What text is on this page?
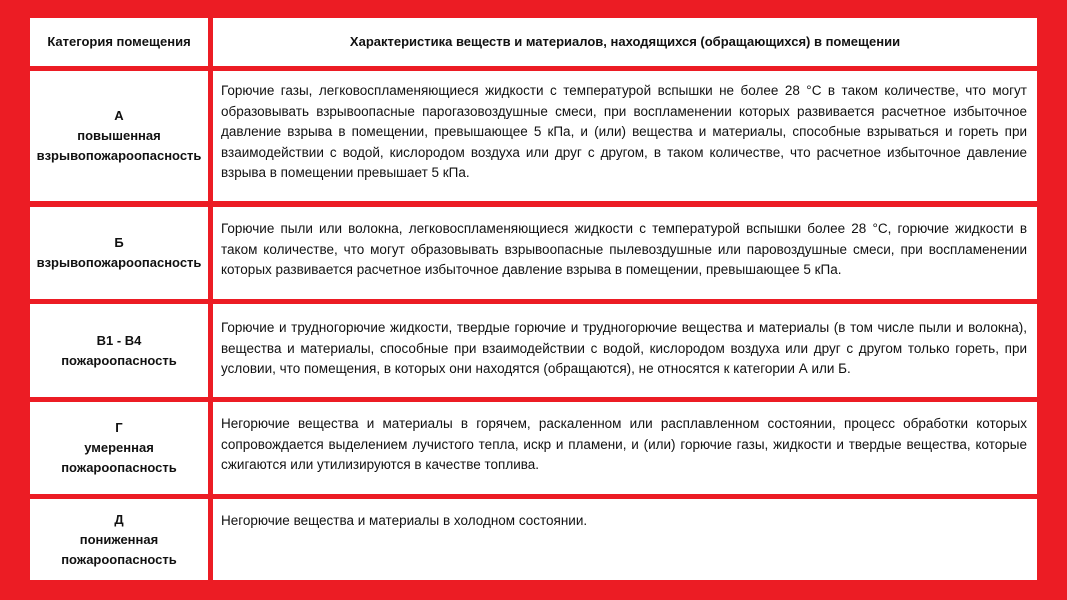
Категория помещения	Характеристика веществ и материалов, находящихся (обращающихся) в помещении
А
повышенная
взрывопожароопасность

Горючие газы, легковоспламеняющиеся жидкости с температурой вспышки не более 28 °С в таком количестве, что могут образовывать взрывоопасные парогазовоздушные смеси, при воспламенении которых развивается расчетное избыточное давление взрыва в помещении, превышающее 5 кПа, и (или) вещества и материалы, способные взрываться и гореть при взаимодействии с водой, кислородом воздуха или друг с другом, в таком количестве, что расчетное избыточное давление взрыва в помещении превышает 5 кПа.

Б
взрывопожароопасность

Горючие пыли или волокна, легковоспламеняющиеся жидкости с температурой вспышки более 28 °С, горючие жидкости в таком количестве, что могут образовывать взрывоопасные пылевоздушные или паровоздушные смеси, при воспламенении которых развивается расчетное избыточное давление взрыва в помещении, превышающее 5 кПа.

В1 - В4
пожароопасность

Горючие и трудногорючие жидкости, твердые горючие и трудногорючие вещества и материалы (в том числе пыли и волокна), вещества и материалы, способные при взаимодействии с водой, кислородом воздуха или друг с другом только гореть, при условии, что помещения, в которых они находятся (обращаются), не относятся к категории А или Б.

Г
умеренная
пожароопасность

Негорючие вещества и материалы в горячем, раскаленном или расплавленном состоянии, процесс обработки которых сопровождается выделением лучистого тепла, искр и пламени, и (или) горючие газы, жидкости и твердые вещества, которые сжигаются или утилизируются в качестве топлива.

Д
пониженная
пожароопасность

Негорючие вещества и материалы в холодном состоянии.
